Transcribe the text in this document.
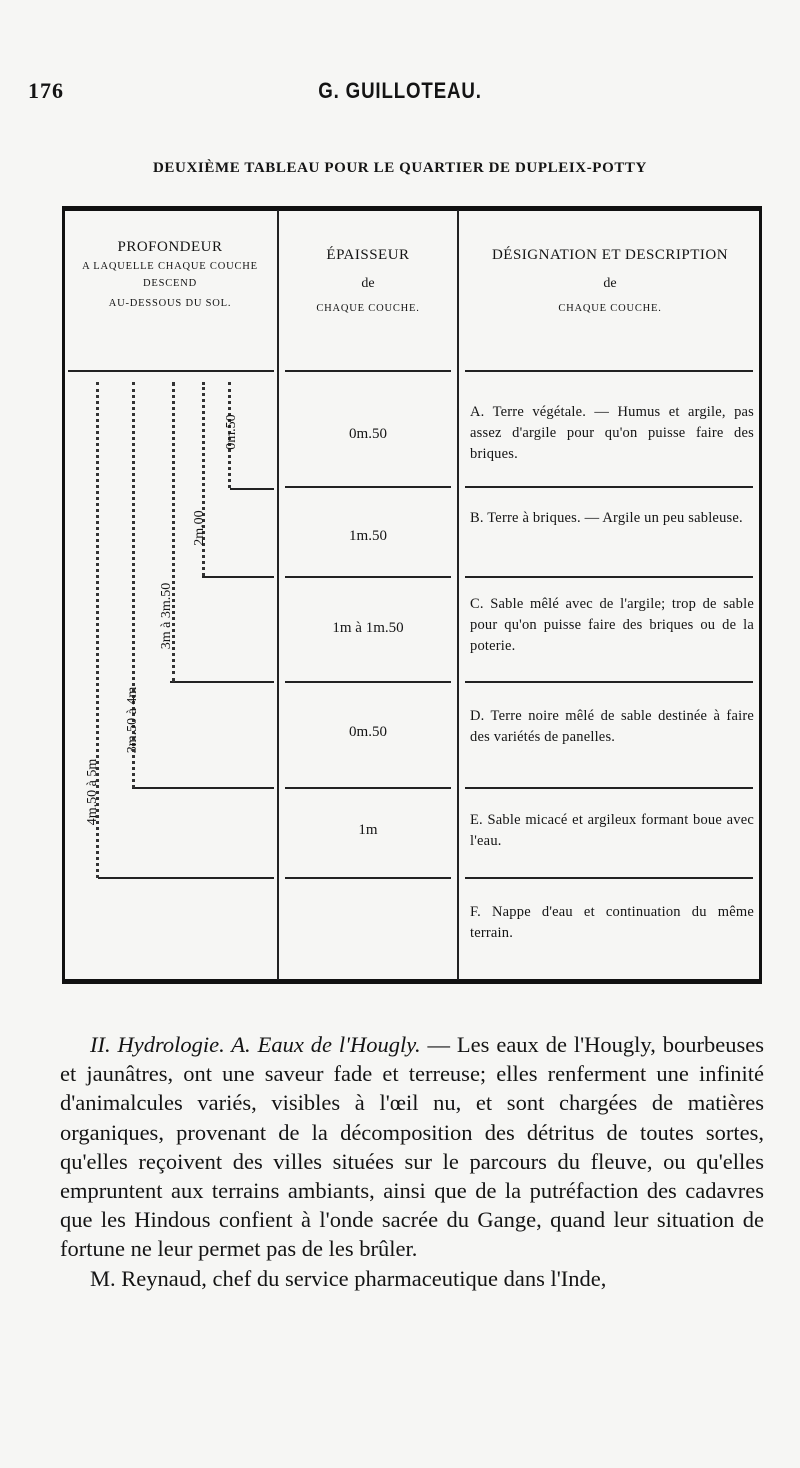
176	G. GUILLOTEAU.
DEUXIÈME TABLEAU POUR LE QUARTIER DE DUPLEIX-POTTY
PROFONDEUR
A LAQUELLE CHAQUE COUCHE
DESCEND
AU-DESSOUS DU SOL.
ÉPAISSEUR
de
CHAQUE COUCHE.
DÉSIGNATION ET DESCRIPTION
de
CHAQUE COUCHE.
0m.50
2m.00
3m à 3m.50
3m.50 à 4m
4m.50 à 5m
0m.50
1m.50
1m à 1m.50
0m.50
1m
A. Terre végétale. — Humus et argile, pas assez d'argile pour qu'on puisse faire des briques.
B. Terre à briques. — Argile un peu sableuse.
C. Sable mêlé avec de l'argile; trop de sable pour qu'on puisse faire des briques ou de la poterie.
D. Terre noire mêlé de sable destinée à faire des variétés de panelles.
E. Sable micacé et argileux formant boue avec l'eau.
F. Nappe d'eau et continuation du même terrain.

II. Hydrologie. A. Eaux de l'Hougly. — Les eaux de l'Hougly, bourbeuses et jaunâtres, ont une saveur fade et terreuse; elles renferment une infinité d'animalcules variés, visibles à l'œil nu, et sont chargées de matières organiques, provenant de la décomposition des détritus de toutes sortes, qu'elles reçoivent des villes situées sur le parcours du fleuve, ou qu'elles empruntent aux terrains ambiants, ainsi que de la putréfaction des cadavres que les Hindous confient à l'onde sacrée du Gange, quand leur situation de fortune ne leur permet pas de les brûler.

M. Reynaud, chef du service pharmaceutique dans l'Inde,
